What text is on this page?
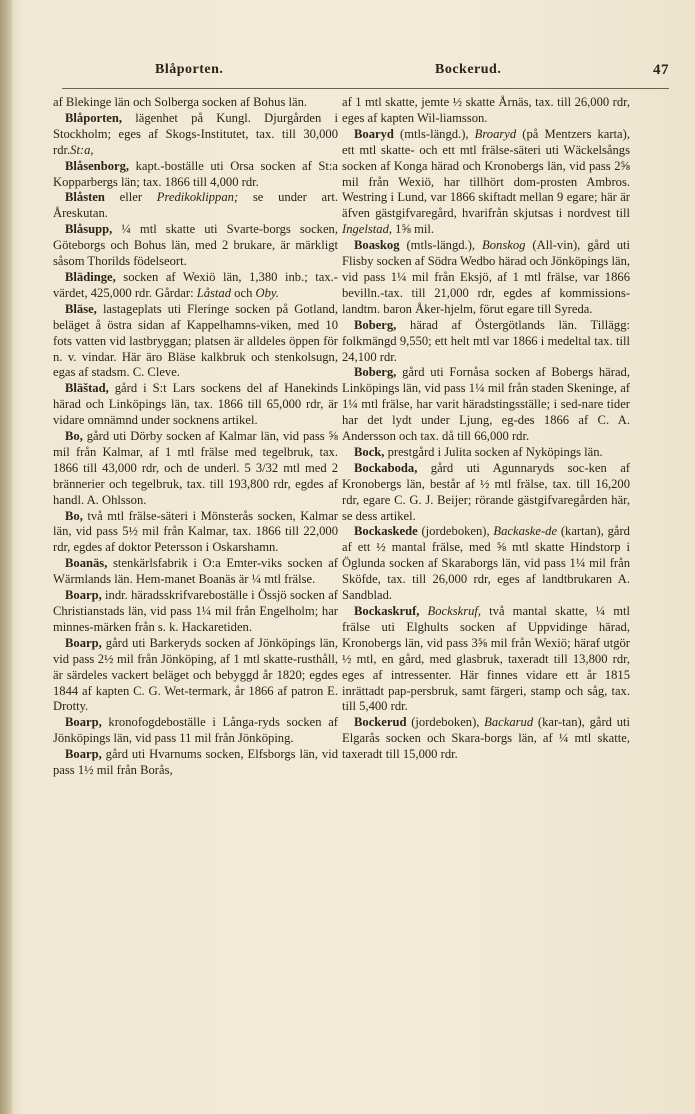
Blåporten.	Bockerud.	47

af Blekinge län och Solberga socken af Bohus län.

Blåporten, lägenhet på Kungl. Djurgården i Stockholm; eges af Skogs-Institutet, tax. till 30,000 rdr.St:a,

Blåsenborg, kapt.-boställe uti Orsa socken af St:a Kopparbergs län; tax. 1866 till 4,000 rdr.

Blåsten eller Predikoklippan; se under art. Åreskutan.

Blåsupp, ¼ mtl skatte uti Svarte-borgs socken, Göteborgs och Bohus län, med 2 brukare, är märkligt såsom Thorilds födelseort.

Blädinge, socken af Wexiö län, 1,380 inb.; tax.-värdet, 425,000 rdr. Gårdar: Låstad och Oby.

Bläse, lastageplats uti Fleringe socken på Gotland, beläget å östra sidan af Kappelhamns-viken, med 10 fots vatten vid lastbryggan; platsen är alldeles öppen för n. v. vindar. Här äro Bläse kalkbruk och stenkolsugn, egas af stadsm. C. Cleve.

Bläštad, gård i S:t Lars sockens del af Hanekinds härad och Linköpings län, tax. 1866 till 65,000 rdr, är vidare omnämnd under socknens artikel.

Bo, gård uti Dörby socken af Kalmar län, vid pass ⅝ mil från Kalmar, af 1 mtl frälse med tegelbruk, tax. 1866 till 43,000 rdr, och de underl. 5 3/32 mtl med 2 brännerier och tegelbruk, tax. till 193,800 rdr, egdes af handl. A. Ohlsson.

Bo, två mtl frälse-säteri i Mönsterås socken, Kalmar län, vid pass 5½ mil från Kalmar, tax. 1866 till 22,000 rdr, egdes af doktor Petersson i Oskarshamn.

Boanäs, stenkärlsfabrik i O:a Emter-viks socken af Wärmlands län. Hem-manet Boanäs är ¼ mtl frälse.

Boarp, indr. häradsskrifvareboställe i Össjö socken af Christianstads län, vid pass 1¼ mil från Engelholm; har minnes-märken från s. k. Hackaretiden.

Boarp, gård uti Barkeryds socken af Jönköpings län, vid pass 2½ mil från Jönköping, af 1 mtl skatte-rusthåll, är särdeles vackert beläget och bebyggd år 1820; egdes 1844 af kapten C. G. Wet-termark, år 1866 af patron E. Drotty.

Boarp, kronofogdeboställe i Långa-ryds socken af Jönköpings län, vid pass 11 mil från Jönköping.

Boarp, gård uti Hvarnums socken, Elfsborgs län, vid pass 1½ mil från Borås,

af 1 mtl skatte, jemte ½ skatte Årnäs, tax. till 26,000 rdr, eges af kapten Wil-liamsson.

Boaryd (mtls-längd.), Broaryd (på Mentzers karta), ett mtl skatte- och ett mtl frälse-säteri uti Wäckelsångs socken af Konga härad och Kronobergs län, vid pass 2⅝ mil från Wexiö, har tillhört dom-prosten Ambros. Westring i Lund, var 1866 skiftadt mellan 9 egare; här är äfven gästgifvaregård, hvarifrån skjutsas i nordvest till Ingelstad, 1⅝ mil.

Boaskog (mtls-längd.), Bonskog (All-vin), gård uti Flisby socken af Södra Wedbo härad och Jönköpings län, vid pass 1¼ mil från Eksjö, af 1 mtl frälse, var 1866 bevilln.-tax. till 21,000 rdr, egdes af kommissions-landtm. baron Åker-hjelm, förut egare till Syreda.

Boberg, härad af Östergötlands län. Tillägg: folkmängd 9,550; ett helt mtl var 1866 i medeltal tax. till 24,100 rdr.

Boberg, gård uti Fornåsa socken af Bobergs härad, Linköpings län, vid pass 1¼ mil från staden Skeninge, af 1¼ mtl frälse, har varit häradstingsställe; i sed-nare tider har det lydt under Ljung, eg-des 1866 af C. A. Andersson och tax. då till 66,000 rdr.

Bock, prestgård i Julita socken af Nyköpings län.

Bockaboda, gård uti Agunnaryds soc-ken af Kronobergs län, består af ½ mtl frälse, tax. till 16,200 rdr, egare C. G. J. Beijer; rörande gästgifvaregården här, se dess artikel.

Bockaskede (jordeboken), Backaske-de (kartan), gård af ett ½ mantal frälse, med ⅝ mtl skatte Hindstorp i Öglunda socken af Skaraborgs län, vid pass 1¼ mil från Sköfde, tax. till 26,000 rdr, eges af landtbrukaren A. Sandblad.

Bockaskruf, Bockskruf, två mantal skatte, ¼ mtl frälse uti Elghults socken af Uppvidinge härad, Kronobergs län, vid pass 3⅝ mil från Wexiö; häraf utgör ½ mtl, en gård, med glasbruk, taxeradt till 13,800 rdr, eges af intressenter. Här finnes vidare ett år 1815 inrättadt pap-persbruk, samt färgeri, stamp och såg, tax. till 5,400 rdr.

Bockerud (jordeboken), Backarud (kar-tan), gård uti Elgarås socken och Skara-borgs län, af ¼ mtl skatte, taxeradt till 15,000 rdr.
